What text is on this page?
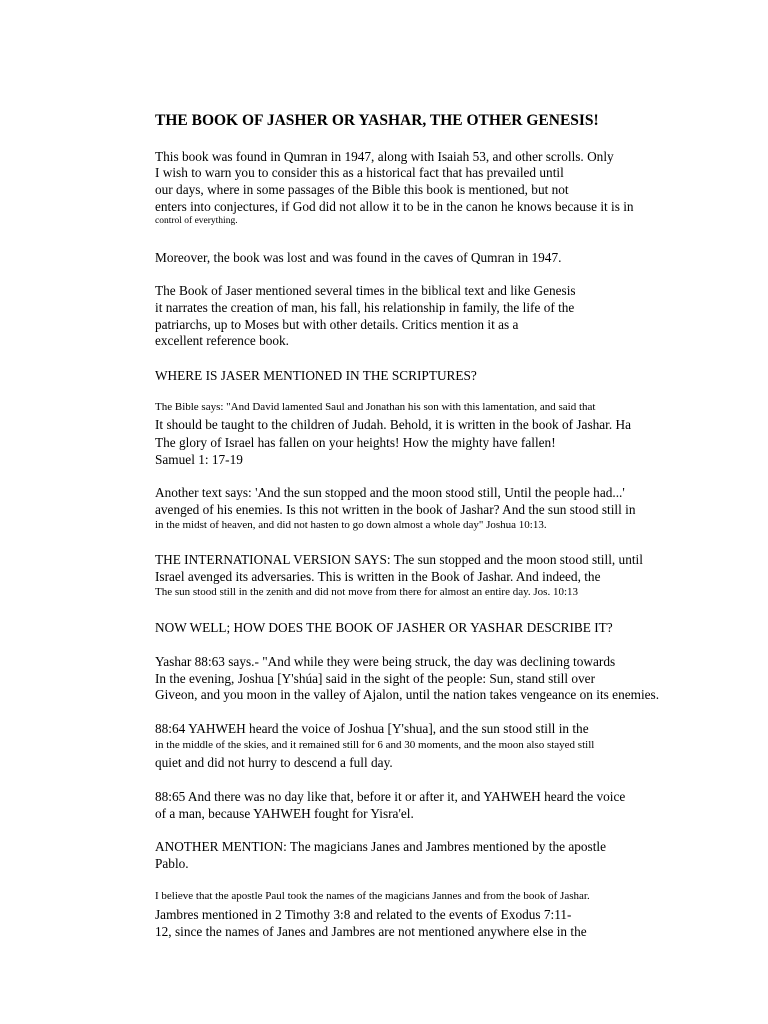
THE BOOK OF JASHER OR YASHAR, THE OTHER GENESIS!
This book was found in Qumran in 1947, along with Isaiah 53, and other scrolls. Only
I wish to warn you to consider this as a historical fact that has prevailed until
our days, where in some passages of the Bible this book is mentioned, but not
enters into conjectures, if God did not allow it to be in the canon he knows because it is in
control of everything.
Moreover, the book was lost and was found in the caves of Qumran in 1947.
The Book of Jaser mentioned several times in the biblical text and like Genesis
it narrates the creation of man, his fall, his relationship in family, the life of the
patriarchs, up to Moses but with other details. Critics mention it as a
excellent reference book.
WHERE IS JASER MENTIONED IN THE SCRIPTURES?
The Bible says: "And David lamented Saul and Jonathan his son with this lamentation, and said that
It should be taught to the children of Judah. Behold, it is written in the book of Jashar. Ha
The glory of Israel has fallen on your heights! How the mighty have fallen!
Samuel 1: 17-19
Another text says: 'And the sun stopped and the moon stood still, Until the people had...'
avenged of his enemies. Is this not written in the book of Jashar? And the sun stood still in
in the midst of heaven, and did not hasten to go down almost a whole day" Joshua 10:13.
THE INTERNATIONAL VERSION SAYS: The sun stopped and the moon stood still, until
Israel avenged its adversaries. This is written in the Book of Jashar. And indeed, the
The sun stood still in the zenith and did not move from there for almost an entire day. Jos. 10:13
NOW WELL; HOW DOES THE BOOK OF JASHER OR YASHAR DESCRIBE IT?
Yashar 88:63 says.- "And while they were being struck, the day was declining towards
In the evening, Joshua [Y'shúa] said in the sight of the people: Sun, stand still over
Giveon, and you moon in the valley of Ajalon, until the nation takes vengeance on its enemies.
88:64 YAHWEH heard the voice of Joshua [Y'shua], and the sun stood still in the
in the middle of the skies, and it remained still for 6 and 30 moments, and the moon also stayed still
quiet and did not hurry to descend a full day.
88:65 And there was no day like that, before it or after it, and YAHWEH heard the voice
of a man, because YAHWEH fought for Yisra'el.
ANOTHER MENTION: The magicians Janes and Jambres mentioned by the apostle
Pablo.
I believe that the apostle Paul took the names of the magicians Jannes and from the book of Jashar.
Jambres mentioned in 2 Timothy 3:8 and related to the events of Exodus 7:11-
12, since the names of Janes and Jambres are not mentioned anywhere else in the
